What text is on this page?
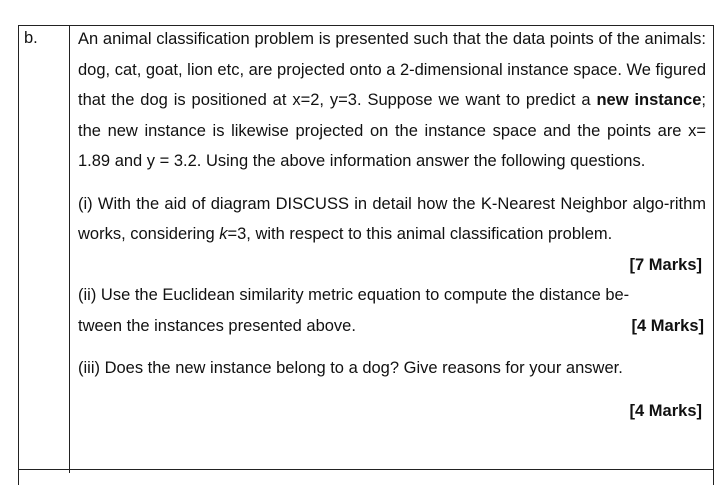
b. An animal classification problem is presented such that the data points of the animals: dog, cat, goat, lion etc, are projected onto a 2-dimensional instance space. We figured that the dog is positioned at x=2, y=3. Suppose we want to predict a new instance; the new instance is likewise projected on the instance space and the points are x= 1.89 and y = 3.2. Using the above information answer the following questions.

(i) With the aid of diagram DISCUSS in detail how the K-Nearest Neighbor algo-rithm works, considering k=3, with respect to this animal classification problem.

[7 Marks]

(ii) Use the Euclidean similarity metric equation to compute the distance be-

tween the instances presented above.	[4 Marks]
(iii) Does the new instance belong to a dog? Give reasons for your answer.
[4 Marks]
